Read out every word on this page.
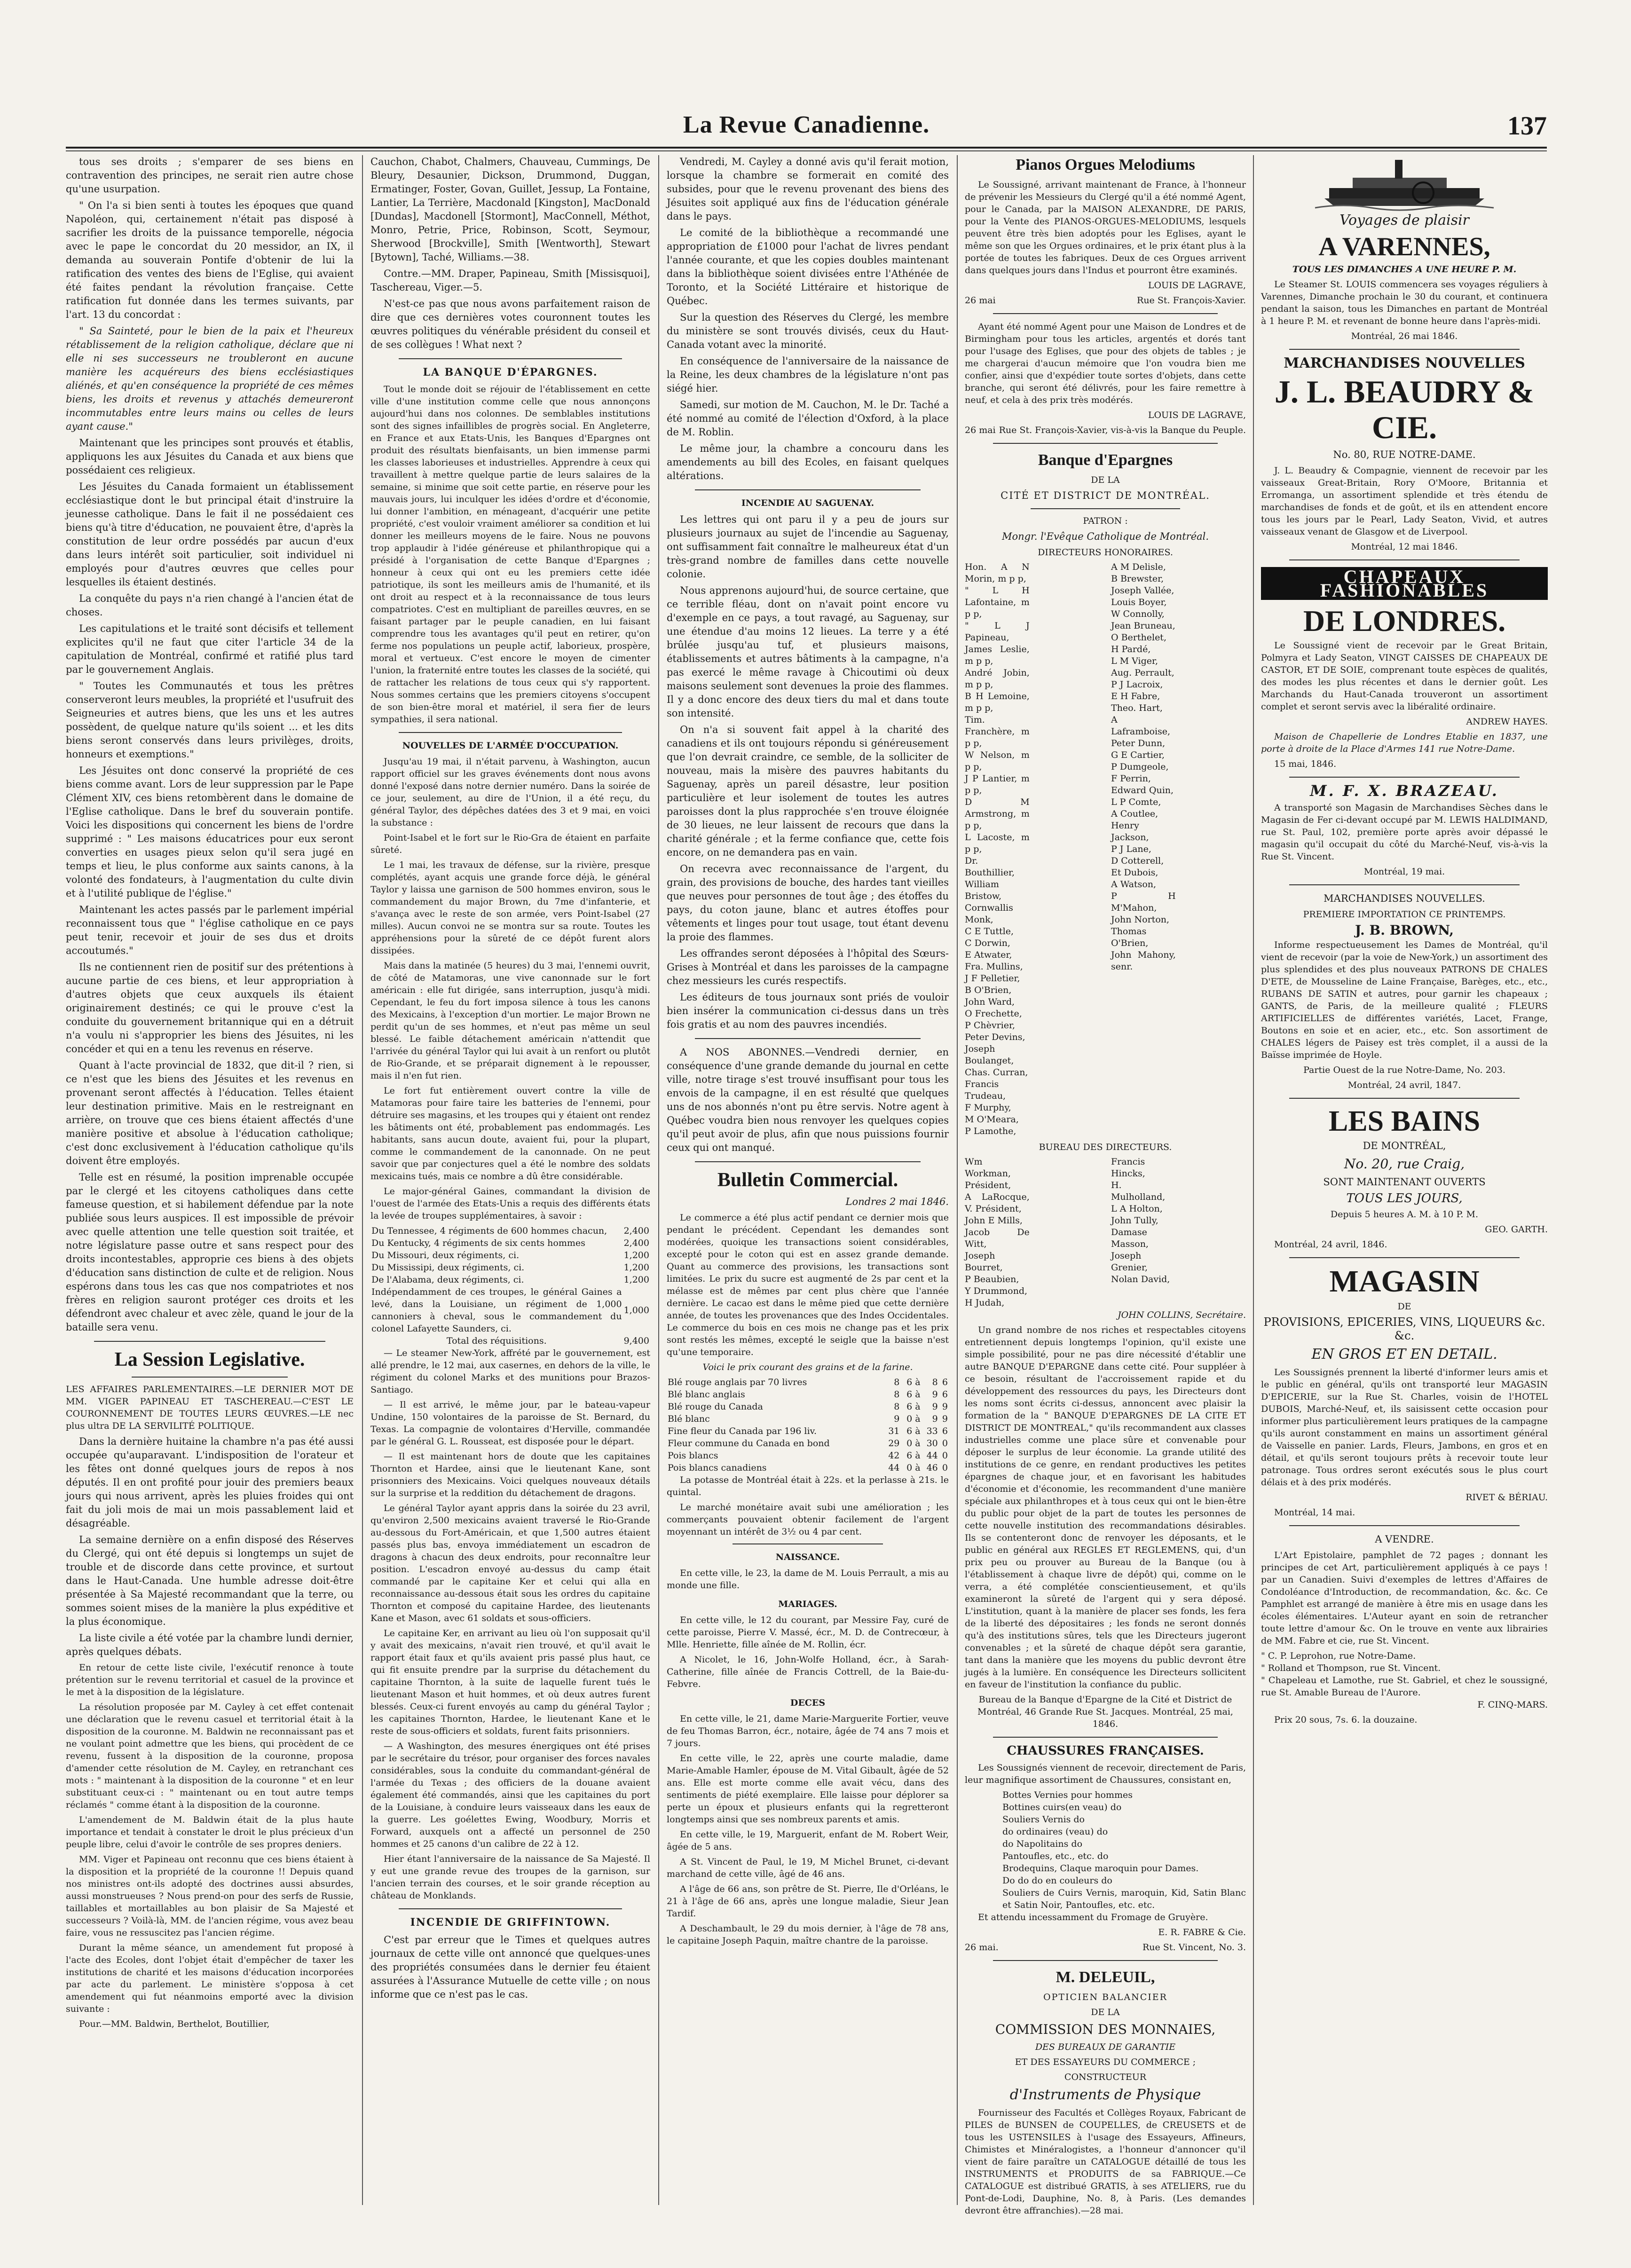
La Revue Canadienne.	137

tous ses droits ; s'emparer de ses biens en contravention des principes, ne serait rien autre chose qu'une usurpation.

" On l'a si bien senti à toutes les époques que quand Napoléon, qui, certainement n'était pas disposé à sacrifier les droits de la puissance temporelle, négocia avec le pape le concordat du 20 messidor, an IX, il demanda au souverain Pontife d'obtenir de lui la ratification des ventes des biens de l'Eglise, qui avaient été faites pendant la révolution française. Cette ratification fut donnée dans les termes suivants, par l'art. 13 du concordat :

" Sa Sainteté, pour le bien de la paix et l'heureux rétablissement de la religion catholique, déclare que ni elle ni ses successeurs ne troubleront en aucune manière les acquéreurs des biens ecclésiastiques aliénés, et qu'en conséquence la propriété de ces mêmes biens, les droits et revenus y attachés demeureront incommutables entre leurs mains ou celles de leurs ayant cause."

Maintenant que les principes sont prouvés et établis, appliquons les aux Jésuites du Canada et aux biens que possédaient ces religieux.

Les Jésuites du Canada formaient un établissement ecclésiastique dont le but principal était d'instruire la jeunesse catholique. Dans le fait il ne possédaient ces biens qu'à titre d'éducation, ne pouvaient être, d'après la constitution de leur ordre possédés par aucun d'eux dans leurs intérêt soit particulier, soit individuel ni employés pour d'autres œuvres que celles pour lesquelles ils étaient destinés.

La conquête du pays n'a rien changé à l'ancien état de choses.

Les capitulations et le traité sont décisifs et tellement explicites qu'il ne faut que citer l'article 34 de la capitulation de Montréal, confirmé et ratifié plus tard par le gouvernement Anglais.

" Toutes les Communautés et tous les prêtres conserveront leurs meubles, la propriété et l'usufruit des Seigneuries et autres biens, que les uns et les autres possèdent, de quelque nature qu'ils soient ... et les dits biens seront conservés dans leurs privilèges, droits, honneurs et exemptions."

Les Jésuites ont donc conservé la propriété de ces biens comme avant. Lors de leur suppression par le Pape Clément XIV, ces biens retombèrent dans le domaine de l'Eglise catholique. Dans le bref du souverain pontife. Voici les dispositions qui concernent les biens de l'ordre supprimé : " Les maisons éducatrices pour eux seront converties en usages pieux selon qu'il sera jugé en temps et lieu, le plus conforme aux saints canons, à la volonté des fondateurs, à l'augmentation du culte divin et à l'utilité publique de l'église."

Maintenant les actes passés par le parlement impérial reconnaissent tous que " l'église catholique en ce pays peut tenir, recevoir et jouir de ses dus et droits accoutumés."

Ils ne contiennent rien de positif sur des prétentions à aucune partie de ces biens, et leur appropriation à d'autres objets que ceux auxquels ils étaient originairement destinés; ce qui le prouve c'est la conduite du gouvernement britannique qui en a détruit n'a voulu ni s'approprier les biens des Jésuites, ni les concéder et qui en a tenu les revenus en réserve.

Quant à l'acte provincial de 1832, que dit-il ? rien, si ce n'est que les biens des Jésuites et les revenus en provenant seront affectés à l'éducation. Telles étaient leur destination primitive. Mais en le restreignant en arrière, on trouve que ces biens étaient affectés d'une manière positive et absolue à l'éducation catholique; c'est donc exclusivement à l'éducation catholique qu'ils doivent être employés.

Telle est en résumé, la position imprenable occupée par le clergé et les citoyens catholiques dans cette fameuse question, et si habilement défendue par la note publiée sous leurs auspices. Il est impossible de prévoir avec quelle attention une telle question soit traitée, et notre législature passe outre et sans respect pour des droits incontestables, approprie ces biens à des objets d'éducation sans distinction de culte et de religion. Nous espérons dans tous les cas que nos compatriotes et nos frères en religion sauront protéger ces droits et les défendront avec chaleur et avec zèle, quand le jour de la bataille sera venu.

La Session Legislative.

LES AFFAIRES PARLEMENTAIRES.—LE DERNIER MOT DE MM. VIGER PAPINEAU ET TASCHEREAU.—C'EST LE COURONNEMENT DE TOUTES LEURS ŒUVRES.—LE nec plus ultra DE LA SERVILITÉ POLITIQUE.

Dans la dernière huitaine la chambre n'a pas été aussi occupée qu'auparavant. L'indisposition de l'orateur et les fêtes ont donné quelques jours de repos à nos députés. Il en ont profité pour jouir des premiers beaux jours qui nous arrivent, après les pluies froides qui ont fait du joli mois de mai un mois passablement laid et désagréable.

La semaine dernière on a enfin disposé des Réserves du Clergé, qui ont été depuis si longtemps un sujet de trouble et de discorde dans cette province, et surtout dans le Haut-Canada. Une humble adresse doit-être présentée à Sa Majesté recommandant que la terre, ou sommes soient mises de la manière la plus expéditive et la plus économique.

La liste civile a été votée par la chambre lundi dernier, après quelques débats.

En retour de cette liste civile, l'exécutif renonce à toute prétention sur le revenu territorial et casuel de la province et le met à la disposition de la législature.

La résolution proposée par M. Cayley à cet effet contenait une déclaration que le revenu casuel et territorial était à la disposition de la couronne. M. Baldwin ne reconnaissant pas et ne voulant point admettre que les biens, qui procèdent de ce revenu, fussent à la disposition de la couronne, proposa d'amender cette résolution de M. Cayley, en retranchant ces mots : " maintenant à la disposition de la couronne " et en leur substituant ceux-ci : " maintenant ou en tout autre temps réclamés " comme étant à la disposition de la couronne.

L'amendement de M. Baldwin était de la plus haute importance et tendait à constater le droit le plus précieux d'un peuple libre, celui d'avoir le contrôle de ses propres deniers.

MM. Viger et Papineau ont reconnu que ces biens étaient à la disposition et la propriété de la couronne !! Depuis quand nos ministres ont-ils adopté des doctrines aussi absurdes, aussi monstrueuses ? Nous prend-on pour des serfs de Russie, taillables et mortaillables au bon plaisir de Sa Majesté et successeurs ? Voilà-là, MM. de l'ancien régime, vous avez beau faire, vous ne ressuscitez pas l'ancien régime.

Durant la même séance, un amendement fut proposé à l'acte des Ecoles, dont l'objet était d'empêcher de taxer les institutions de charité et les maisons d'éducation incorporées par acte du parlement. Le ministère s'opposa à cet amendement qui fut néanmoins emporté avec la division suivante :

Pour.—MM. Baldwin, Berthelot, Boutillier,

Cauchon, Chabot, Chalmers, Chauveau, Cummings, De Bleury, Desaunier, Dickson, Drummond, Duggan, Ermatinger, Foster, Govan, Guillet, Jessup, La Fontaine, Lantier, La Terrière, Macdonald [Kingston], MacDonald [Dundas], Macdonell [Stormont], MacConnell, Méthot, Monro, Petrie, Price, Robinson, Scott, Seymour, Sherwood [Brockville], Smith [Wentworth], Stewart [Bytown], Taché, Williams.—38.

Contre.—MM. Draper, Papineau, Smith [Missisquoi], Taschereau, Viger.—5.

N'est-ce pas que nous avons parfaitement raison de dire que ces dernières votes couronnent toutes les œuvres politiques du vénérable président du conseil et de ses collègues ! What next ?

LA BANQUE D'ÉPARGNES.

Tout le monde doit se réjouir de l'établissement en cette ville d'une institution comme celle que nous annonçons aujourd'hui dans nos colonnes. De semblables institutions sont des signes infaillibles de progrès social. En Angleterre, en France et aux Etats-Unis, les Banques d'Epargnes ont produit des résultats bienfaisants, un bien immense parmi les classes laborieuses et industrielles. Apprendre à ceux qui travaillent à mettre quelque partie de leurs salaires de la semaine, si minime que soit cette partie, en réserve pour les mauvais jours, lui inculquer les idées d'ordre et d'économie, lui donner l'ambition, en ménageant, d'acquérir une petite propriété, c'est vouloir vraiment améliorer sa condition et lui donner les meilleurs moyens de le faire. Nous ne pouvons trop applaudir à l'idée généreuse et philanthropique qui a présidé à l'organisation de cette Banque d'Epargnes ; honneur à ceux qui ont eu les premiers cette idée patriotique, ils sont les meilleurs amis de l'humanité, et ils ont droit au respect et à la reconnaissance de tous leurs compatriotes. C'est en multipliant de pareilles œuvres, en se faisant partager par le peuple canadien, en lui faisant comprendre tous les avantages qu'il peut en retirer, qu'on ferme nos populations un peuple actif, laborieux, prospère, moral et vertueux. C'est encore le moyen de cimenter l'union, la fraternité entre toutes les classes de la société, qui de rattacher les relations de tous ceux qui s'y rapportent. Nous sommes certains que les premiers citoyens s'occupent de son bien-être moral et matériel, il sera fier de leurs sympathies, il sera national.

NOUVELLES DE L'ARMÉE D'OCCUPATION.

Jusqu'au 19 mai, il n'était parvenu, à Washington, aucun rapport officiel sur les graves événements dont nous avons donné l'exposé dans notre dernier numéro. Dans la soirée de ce jour, seulement, au dire de l'Union, il a été reçu, du général Taylor, des dépêches datées des 3 et 9 mai, en voici la substance :

Point-Isabel et le fort sur le Rio-Gra de étaient en parfaite sûreté.

Le 1 mai, les travaux de défense, sur la rivière, presque complétés, ayant acquis une grande force déjà, le général Taylor y laissa une garnison de 500 hommes environ, sous le commandement du major Brown, du 7me d'infanterie, et s'avança avec le reste de son armée, vers Point-Isabel (27 milles). Aucun convoi ne se montra sur sa route. Toutes les appréhensions pour la sûreté de ce dépôt furent alors dissipées.

Mais dans la matinée (5 heures) du 3 mai, l'ennemi ouvrit, de côté de Matamoras, une vive canonnade sur le fort américain : elle fut dirigée, sans interruption, jusqu'à midi. Cependant, le feu du fort imposa silence à tous les canons des Mexicains, à l'exception d'un mortier. Le major Brown ne perdit qu'un de ses hommes, et n'eut pas même un seul blessé. Le faible détachement américain n'attendit que l'arrivée du général Taylor qui lui avait à un renfort ou plutôt de Rio-Grande, et se préparait dignement à le repousser, mais il n'en fut rien.

Le fort fut entièrement ouvert contre la ville de Matamoras pour faire taire les batteries de l'ennemi, pour détruire ses magasins, et les troupes qui y étaient ont rendez les bâtiments ont été, probablement pas endommagés. Les habitants, sans aucun doute, avaient fui, pour la plupart, comme le commandement de la canonnade. On ne peut savoir que par conjectures quel a été le nombre des soldats mexicains tués, mais ce nombre a dû être considérable.

Le major-général Gaines, commandant la division de l'ouest de l'armée des Etats-Unis a requis des différents états la levée de troupes supplémentaires, à savoir :

Du Tennessee, 4 régiments de 600 hommes chacun,	2,400
Du Kentucky, 4 régiments de six cents hommes	2,400
Du Missouri, deux régiments, ci.	1,200
Du Mississipi, deux régiments, ci.	1,200
De l'Alabama, deux régiments, ci.	1,200
Indépendamment de ces troupes, le général Gaines a levé, dans la Louisiane, un régiment de 1,000 cannoniers à cheval, sous le commandement du colonel Lafayette Saunders, ci.	1,000
Total des réquisitions.	9,400

— Le steamer New-York, affrété par le gouvernement, est allé prendre, le 12 mai, aux casernes, en dehors de la ville, le régiment du colonel Marks et des munitions pour Brazos-Santiago.

— Il est arrivé, le même jour, par le bateau-vapeur Undine, 150 volontaires de la paroisse de St. Bernard, du Texas. La compagnie de volontaires d'Herville, commandée par le général G. L. Rousseat, est disposée pour le départ.

— Il est maintenant hors de doute que les capitaines Thornton et Hardee, ainsi que le lieutenant Kane, sont prisonniers des Mexicains. Voici quelques nouveaux détails sur la surprise et la reddition du détachement de dragons.

Le général Taylor ayant appris dans la soirée du 23 avril, qu'environ 2,500 mexicains avaient traversé le Rio-Grande au-dessous du Fort-Américain, et que 1,500 autres étaient passés plus bas, envoya immédiatement un escadron de dragons à chacun des deux endroits, pour reconnaître leur position. L'escadron envoyé au-dessus du camp était commandé par le capitaine Ker et celui qui alla en reconnaissance au-dessous était sous les ordres du capitaine Thornton et composé du capitaine Hardee, des lieutenants Kane et Mason, avec 61 soldats et sous-officiers.

Le capitaine Ker, en arrivant au lieu où l'on supposait qu'il y avait des mexicains, n'avait rien trouvé, et qu'il avait le rapport était faux et qu'ils avaient pris passé plus haut, ce qui fit ensuite prendre par la surprise du détachement du capitaine Thornton, à la suite de laquelle furent tués le lieutenant Mason et huit hommes, et où deux autres furent blessés. Ceux-ci furent envoyés au camp du général Taylor ; les capitaines Thornton, Hardee, le lieutenant Kane et le reste de sous-officiers et soldats, furent faits prisonniers.

— A Washington, des mesures énergiques ont été prises par le secrétaire du trésor, pour organiser des forces navales considérables, sous la conduite du commandant-général de l'armée du Texas ; des officiers de la douane avaient également été commandés, ainsi que les capitaines du port de la Louisiane, à conduire leurs vaisseaux dans les eaux de la guerre. Les goélettes Ewing, Woodbury, Morris et Forward, auxquels ont a affecté un personnel de 250 hommes et 25 canons d'un calibre de 22 à 12.

Hier étant l'anniversaire de la naissance de Sa Majesté. Il y eut une grande revue des troupes de la garnison, sur l'ancien terrain des courses, et le soir grande réception au château de Monklands.

INCENDIE DE GRIFFINTOWN.

C'est par erreur que le Times et quelques autres journaux de cette ville ont annoncé que quelques-unes des propriétés consumées dans le dernier feu étaient assurées à l'Assurance Mutuelle de cette ville ; on nous informe que ce n'est pas le cas.

Vendredi, M. Cayley a donné avis qu'il ferait motion, lorsque la chambre se formerait en comité des subsides, pour que le revenu provenant des biens des Jésuites soit appliqué aux fins de l'éducation générale dans le pays.

Le comité de la bibliothèque a recommandé une appropriation de £1000 pour l'achat de livres pendant l'année courante, et que les copies doubles maintenant dans la bibliothèque soient divisées entre l'Athénée de Toronto, et la Société Littéraire et historique de Québec.

Sur la question des Réserves du Clergé, les membre du ministère se sont trouvés divisés, ceux du Haut-Canada votant avec la minorité.

En conséquence de l'anniversaire de la naissance de la Reine, les deux chambres de la législature n'ont pas siégé hier.

Samedi, sur motion de M. Cauchon, M. le Dr. Taché a été nommé au comité de l'élection d'Oxford, à la place de M. Roblin.

Le même jour, la chambre a concouru dans les amendements au bill des Ecoles, en faisant quelques altérations.

INCENDIE AU SAGUENAY.

Les lettres qui ont paru il y a peu de jours sur plusieurs journaux au sujet de l'incendie au Saguenay, ont suffisamment fait connaître le malheureux état d'un très-grand nombre de familles dans cette nouvelle colonie.

Nous apprenons aujourd'hui, de source certaine, que ce terrible fléau, dont on n'avait point encore vu d'exemple en ce pays, a tout ravagé, au Saguenay, sur une étendue d'au moins 12 lieues. La terre y a été brûlée jusqu'au tuf, et plusieurs maisons, établissements et autres bâtiments à la campagne, n'a pas exercé le même ravage à Chicoutimi où deux maisons seulement sont devenues la proie des flammes. Il y a donc encore des deux tiers du mal et dans toute son intensité.

On n'a si souvent fait appel à la charité des canadiens et ils ont toujours répondu si généreusement que l'on devrait craindre, ce semble, de la solliciter de nouveau, mais la misère des pauvres habitants du Saguenay, après un pareil désastre, leur position particulière et leur isolement de toutes les autres paroisses dont la plus rapprochée s'en trouve éloignée de 30 lieues, ne leur laissent de recours que dans la charité générale ; et la ferme confiance que, cette fois encore, on ne demandera pas en vain.

On recevra avec reconnaissance de l'argent, du grain, des provisions de bouche, des hardes tant vieilles que neuves pour personnes de tout âge ; des étoffes du pays, du coton jaune, blanc et autres étoffes pour vêtements et linges pour tout usage, tout étant devenu la proie des flammes.

Les offrandes seront déposées à l'hôpital des Sœurs-Grises à Montréal et dans les paroisses de la campagne chez messieurs les curés respectifs.

Les éditeurs de tous journaux sont priés de vouloir bien insérer la communication ci-dessus dans un très fois gratis et au nom des pauvres incendiés.

A NOS ABONNES.—Vendredi dernier, en conséquence d'une grande demande du journal en cette ville, notre tirage s'est trouvé insuffisant pour tous les envois de la campagne, il en est résulté que quelques uns de nos abonnés n'ont pu être servis. Notre agent à Québec voudra bien nous renvoyer les quelques copies qu'il peut avoir de plus, afin que nous puissions fournir ceux qui ont manqué.

Bulletin Commercial.

Londres 2 mai 1846.

Le commerce a été plus actif pendant ce dernier mois que pendant le précédent. Cependant les demandes sont modérées, quoique les transactions soient considérables, excepté pour le coton qui est en assez grande demande. Quant au commerce des provisions, les transactions sont limitées. Le prix du sucre est augmenté de 2s par cent et la mélasse est de mêmes par cent plus chère que l'année dernière. Le cacao est dans le même pied que cette dernière année, de toutes les provenances que des Indes Occidentales. Le commerce du bois en ces mois ne change pas et les prix sont restés les mêmes, excepté le seigle que la baisse n'est qu'une temporaire.

Voici le prix courant des grains et de la farine.

Blé rouge anglais par 70 livres	8	6 à	8	6
Blé blanc anglais	8	6 à	9	6
Blé rouge du Canada	8	6 à	9	9
Blé blanc	9	0 à	9	9
Fine fleur du Canada par 196 liv.	31	6 à	33	6
Fleur commune du Canada en bond	29	0 à	30	0
Pois blancs	42	6 à	44	0
Pois blancs canadiens	44	0 à	46	0

La potasse de Montréal était à 22s. et la perlasse à 21s. le quintal.

Le marché monétaire avait subi une amélioration ; les commerçants pouvaient obtenir facilement de l'argent moyennant un intérêt de 3½ ou 4 par cent.

NAISSANCE.

En cette ville, le 23, la dame de M. Louis Perrault, a mis au monde une fille.

MARIAGES.

En cette ville, le 12 du courant, par Messire Fay, curé de cette paroisse, Pierre V. Massé, écr., M. D. de Contrecœur, à Mlle. Henriette, fille aînée de M. Rollin, écr.

A Nicolet, le 16, John-Wolfe Holland, écr., à Sarah-Catherine, fille aînée de Francis Cottrell, de la Baie-du-Febvre.

DECES

En cette ville, le 21, dame Marie-Marguerite Fortier, veuve de feu Thomas Barron, écr., notaire, âgée de 74 ans 7 mois et 7 jours.

En cette ville, le 22, après une courte maladie, dame Marie-Amable Hamler, épouse de M. Vital Gibault, âgée de 52 ans. Elle est morte comme elle avait vécu, dans des sentiments de piété exemplaire. Elle laisse pour déplorer sa perte un époux et plusieurs enfants qui la regretteront longtemps ainsi que ses nombreux parents et amis.

En cette ville, le 19, Marguerit, enfant de M. Robert Weir, âgée de 5 ans.

A St. Vincent de Paul, le 19, M Michel Brunet, ci-devant marchand de cette ville, âgé de 46 ans.

A l'âge de 66 ans, son prêtre de St. Pierre, Ile d'Orléans, le 21 à l'âge de 66 ans, après une longue maladie, Sieur Jean Tardif.

A Deschambault, le 29 du mois dernier, à l'âge de 78 ans, le capitaine Joseph Paquin, maître chantre de la paroisse.

Pianos Orgues Melodiums

Le Soussigné, arrivant maintenant de France, à l'honneur de prévenir les Messieurs du Clergé qu'il a été nommé Agent, pour le Canada, par la MAISON ALEXANDRE, DE PARIS, pour la Vente des PIANOS-ORGUES-MELODIUMS, lesquels peuvent être très bien adoptés pour les Eglises, ayant le même son que les Orgues ordinaires, et le prix étant plus à la portée de toutes les fabriques. Deux de ces Orgues arrivent dans quelques jours dans l'Indus et pourront être examinés.

LOUIS DE LAGRAVE,

26 mai	Rue St. François-Xavier.

Ayant été nommé Agent pour une Maison de Londres et de Birmingham pour tous les articles, argentés et dorés tant pour l'usage des Eglises, que pour des objets de tables ; je me chargerai d'aucun mémoire que l'on voudra bien me confier, ainsi que d'expédier toute sortes d'objets, dans cette branche, qui seront été délivrés, pour les faire remettre à neuf, et cela à des prix très modérés.

LOUIS DE LAGRAVE,

26 mai Rue St. François-Xavier, vis-à-vis la Banque du Peuple.

Banque d'Epargnes

DE LA

CITÉ ET DISTRICT DE MONTRÉAL.

PATRON :

Mongr. l'Evêque Catholique de Montréal.

DIRECTEURS HONORAIRES.

Hon. A N Morin, m p p,
" L H Lafontaine, m p p,
" L J Papineau,
James Leslie, m p p,
André Jobin, m p p,
B H Lemoine, m p p,
Tim. Franchère, m p p,
W Nelson, m p p,
J P Lantier, m p p,
D M Armstrong, m p p,
L Lacoste, m p p,
Dr. Bouthillier,
William Bristow,
Cornwallis Monk,
C E Tuttle,
C Dorwin,
E Atwater,
Fra. Mullins,
J F Pelletier,
B O'Brien,
John Ward,
O Frechette,
P Chèvrier,
Peter Devins,
Joseph Boulanget,
Chas. Curran,
Francis Trudeau,
F Murphy,
M O'Meara,
P Lamothe,
A M Delisle,
B Brewster,
Joseph Vallée,
Louis Boyer,
W Connolly,
Jean Bruneau,
O Berthelet,
H Pardé,
L M Viger,
Aug. Perrault,
P J Lacroix,
E H Fabre,
Theo. Hart,
A Laframboise,
Peter Dunn,
G E Cartier,
P Dumgeole,
F Perrin,
Edward Quin,
L P Comte,
A Coutlee,
Henry Jackson,
P J Lane,
D Cotterell,
Et Dubois,
A Watson,
P H M'Mahon,
John Norton,
Thomas O'Brien,
John Mahony, senr.

BUREAU DES DIRECTEURS.

Wm Workman, Président,
A LaRocque, V. Président,
John E Mills,
Jacob De Witt,
Joseph Bourret,
P Beaubien,
Y Drummond,
H Judah,
Francis Hincks,
H. Mulholland,
L A Holton,
John Tully,
Damase Masson,
Joseph Grenier,
Nolan David,

JOHN COLLINS, Secrétaire.

Un grand nombre de nos riches et respectables citoyens entretiennent depuis longtemps l'opinion, qu'il existe une simple possibilité, pour ne pas dire nécessité d'établir une autre BANQUE D'EPARGNE dans cette cité. Pour suppléer à ce besoin, résultant de l'accroissement rapide et du développement des ressources du pays, les Directeurs dont les noms sont écrits ci-dessus, annoncent avec plaisir la formation de la " BANQUE D'EPARGNES DE LA CITE ET DISTRICT DE MONTREAL," qu'ils recommandent aux classes industrielles comme une place sûre et convenable pour déposer le surplus de leur économie. La grande utilité des institutions de ce genre, en rendant productives les petites épargnes de chaque jour, et en favorisant les habitudes d'économie et d'économie, les recommandent d'une manière spéciale aux philanthropes et à tous ceux qui ont le bien-être du public pour objet de la part de toutes les personnes de cette nouvelle institution des recommandations désirables. Ils se contenteront donc de renvoyer les déposants, et le public en général aux REGLES ET REGLEMENS, qui, d'un prix peu ou prouver au Bureau de la Banque (ou à l'établissement à chaque livre de dépôt) qui, comme on le verra, a été complétée conscientieusement, et qu'ils examineront la sûreté de l'argent qui y sera déposé. L'institution, quant à la manière de placer ses fonds, les fera de la liberté des dépositaires ; les fonds ne seront donnés qu'à des institutions sûres, tels que les Directeurs jugeront convenables ; et la sûreté de chaque dépôt sera garantie, tant dans la manière que les moyens du public devront être jugés à la lumière. En conséquence les Directeurs sollicitent en faveur de l'institution la confiance du public.

Bureau de la Banque d'Epargne de la Cité et District de Montréal, 46 Grande Rue St. Jacques. Montréal, 25 mai, 1846.

CHAUSSURES FRANÇAISES.

Les Soussignés viennent de recevoir, directement de Paris, leur magnifique assortiment de Chaussures, consistant en,

Bottes Vernies pour hommes
Bottines cuirs(en veau) do
Souliers Vernis do
do ordinaires (veau) do
do Napolitains do
Pantoufles, etc., etc. do
Brodequins, Claque maroquin pour Dames.
Do do do en couleurs do
Souliers de Cuirs Vernis, maroquin, Kid, Satin Blanc et Satin Noir, Pantoufles, etc. etc.

Et attendu incessamment du Fromage de Gruyère.

E. R. FABRE & Cie.

26 mai.	Rue St. Vincent, No. 3.

M. DELEUIL,

OPTICIEN BALANCIER

DE LA

COMMISSION DES MONNAIES,

DES BUREAUX DE GARANTIE

ET DES ESSAYEURS DU COMMERCE ;

CONSTRUCTEUR

d'Instruments de Physique

Fournisseur des Facultés et Collèges Royaux, Fabricant de PILES de BUNSEN de COUPELLES, de CREUSETS et de tous les USTENSILES à l'usage des Essayeurs, Affineurs, Chimistes et Minéralogistes, a l'honneur d'annoncer qu'il vient de faire paraître un CATALOGUE détaillé de tous les INSTRUMENTS et PRODUITS de sa FABRIQUE.—Ce CATALOGUE est distribué GRATIS, à ses ATELIERS, rue du Pont-de-Lodi, Dauphine, No. 8, à Paris. (Les demandes devront être affranchies).—28 mai.

Voyages de plaisir

A VARENNES,

TOUS LES DIMANCHES A UNE HEURE P. M.

Le Steamer St. LOUIS commencera ses voyages réguliers à Varennes, Dimanche prochain le 30 du courant, et continuera pendant la saison, tous les Dimanches en partant de Montréal à 1 heure P. M. et revenant de bonne heure dans l'après-midi.

Montréal, 26 mai 1846.

MARCHANDISES NOUVELLES
J. L. BEAUDRY & CIE.

No. 80, RUE NOTRE-DAME.

J. L. Beaudry & Compagnie, viennent de recevoir par les vaisseaux Great-Britain, Rory O'Moore, Britannia et Erromanga, un assortiment splendide et très étendu de marchandises de fonds et de goût, et ils en attendent encore tous les jours par le Pearl, Lady Seaton, Vivid, et autres vaisseaux venant de Glasgow et de Liverpool.

Montréal, 12 mai 1846.

CHAPEAUX FASHIONABLES
DE LONDRES.

Le Soussigné vient de recevoir par le Great Britain, Polmyra et Lady Seaton, VINGT CAISSES DE CHAPEAUX DE CASTOR, ET DE SOIE, comprenant toute espèces de qualités, des modes les plus récentes et dans le dernier goût. Les Marchands du Haut-Canada trouveront un assortiment complet et seront servis avec la libéralité ordinaire.

ANDREW HAYES.

Maison de Chapellerie de Londres Etablie en 1837, une porte à droite de la Place d'Armes 141 rue Notre-Dame.

15 mai, 1846.

M. F. X. BRAZEAU.

A transporté son Magasin de Marchandises Sèches dans le Magasin de Fer ci-devant occupé par M. LEWIS HALDIMAND, rue St. Paul, 102, première porte après avoir dépassé le magasin qu'il occupait du côté du Marché-Neuf, vis-à-vis la Rue St. Vincent.

Montréal, 19 mai.

MARCHANDISES NOUVELLES.

PREMIERE IMPORTATION CE PRINTEMPS.

J. B. BROWN,

Informe respectueusement les Dames de Montréal, qu'il vient de recevoir (par la voie de New-York,) un assortiment des plus splendides et des plus nouveaux PATRONS DE CHALES D'ETE, de Mousseline de Laine Française, Barèges, etc., etc., RUBANS DE SATIN et autres, pour garnir les chapeaux ; GANTS, de Paris, de la meilleure qualité ; FLEURS ARTIFICIELLES de différentes variétés, Lacet, Frange, Boutons en soie et en acier, etc., etc. Son assortiment de CHALES légers de Paisey est très complet, il a aussi de la Baïsse imprimée de Hoyle.

Partie Ouest de la rue Notre-Dame, No. 203.

Montréal, 24 avril, 1847.

LES BAINS

DE MONTRÉAL,

No. 20, rue Craig,

SONT MAINTENANT OUVERTS

TOUS LES JOURS,

Depuis 5 heures A. M. à 10 P. M.

GEO. GARTH.

Montréal, 24 avril, 1846.

MAGASIN

DE

PROVISIONS, EPICERIES, VINS, LIQUEURS &c. &c.

EN GROS ET EN DETAIL.

Les Soussignés prennent la liberté d'informer leurs amis et le public en général, qu'ils ont transporté leur MAGASIN D'EPICERIE, sur la Rue St. Charles, voisin de l'HOTEL DUBOIS, Marché-Neuf, et, ils saisissent cette occasion pour informer plus particulièrement leurs pratiques de la campagne qu'ils auront constamment en mains un assortiment général de Vaisselle en panier. Lards, Fleurs, Jambons, en gros et en détail, et qu'ils seront toujours prêts à recevoir toute leur patronage. Tous ordres seront exécutés sous le plus court délais et à des prix modérés.

RIVET & BÉRIAU.

Montréal, 14 mai.

A VENDRE.

L'Art Epistolaire, pamphlet de 72 pages ; donnant les principes de cet Art, particulièrement appliqués à ce pays ! par un Canadien. Suivi d'exemples de lettres d'Affaires de Condoléance d'Introduction, de recommandation, &c. &c. Ce Pamphlet est arrangé de manière à être mis en usage dans les écoles élémentaires. L'Auteur ayant en soin de retrancher toute lettre d'amour &c. On le trouve en vente aux librairies de MM. Fabre et cie, rue St. Vincent.

" C. P. Leprohon, rue Notre-Dame.
" Rolland et Thompson, rue St. Vincent.
" Chapeleau et Lamothe, rue St. Gabriel, et chez le soussigné, rue St. Amable Bureau de l'Aurore.

F. CINQ-MARS.

Prix 20 sous, 7s. 6. la douzaine.
